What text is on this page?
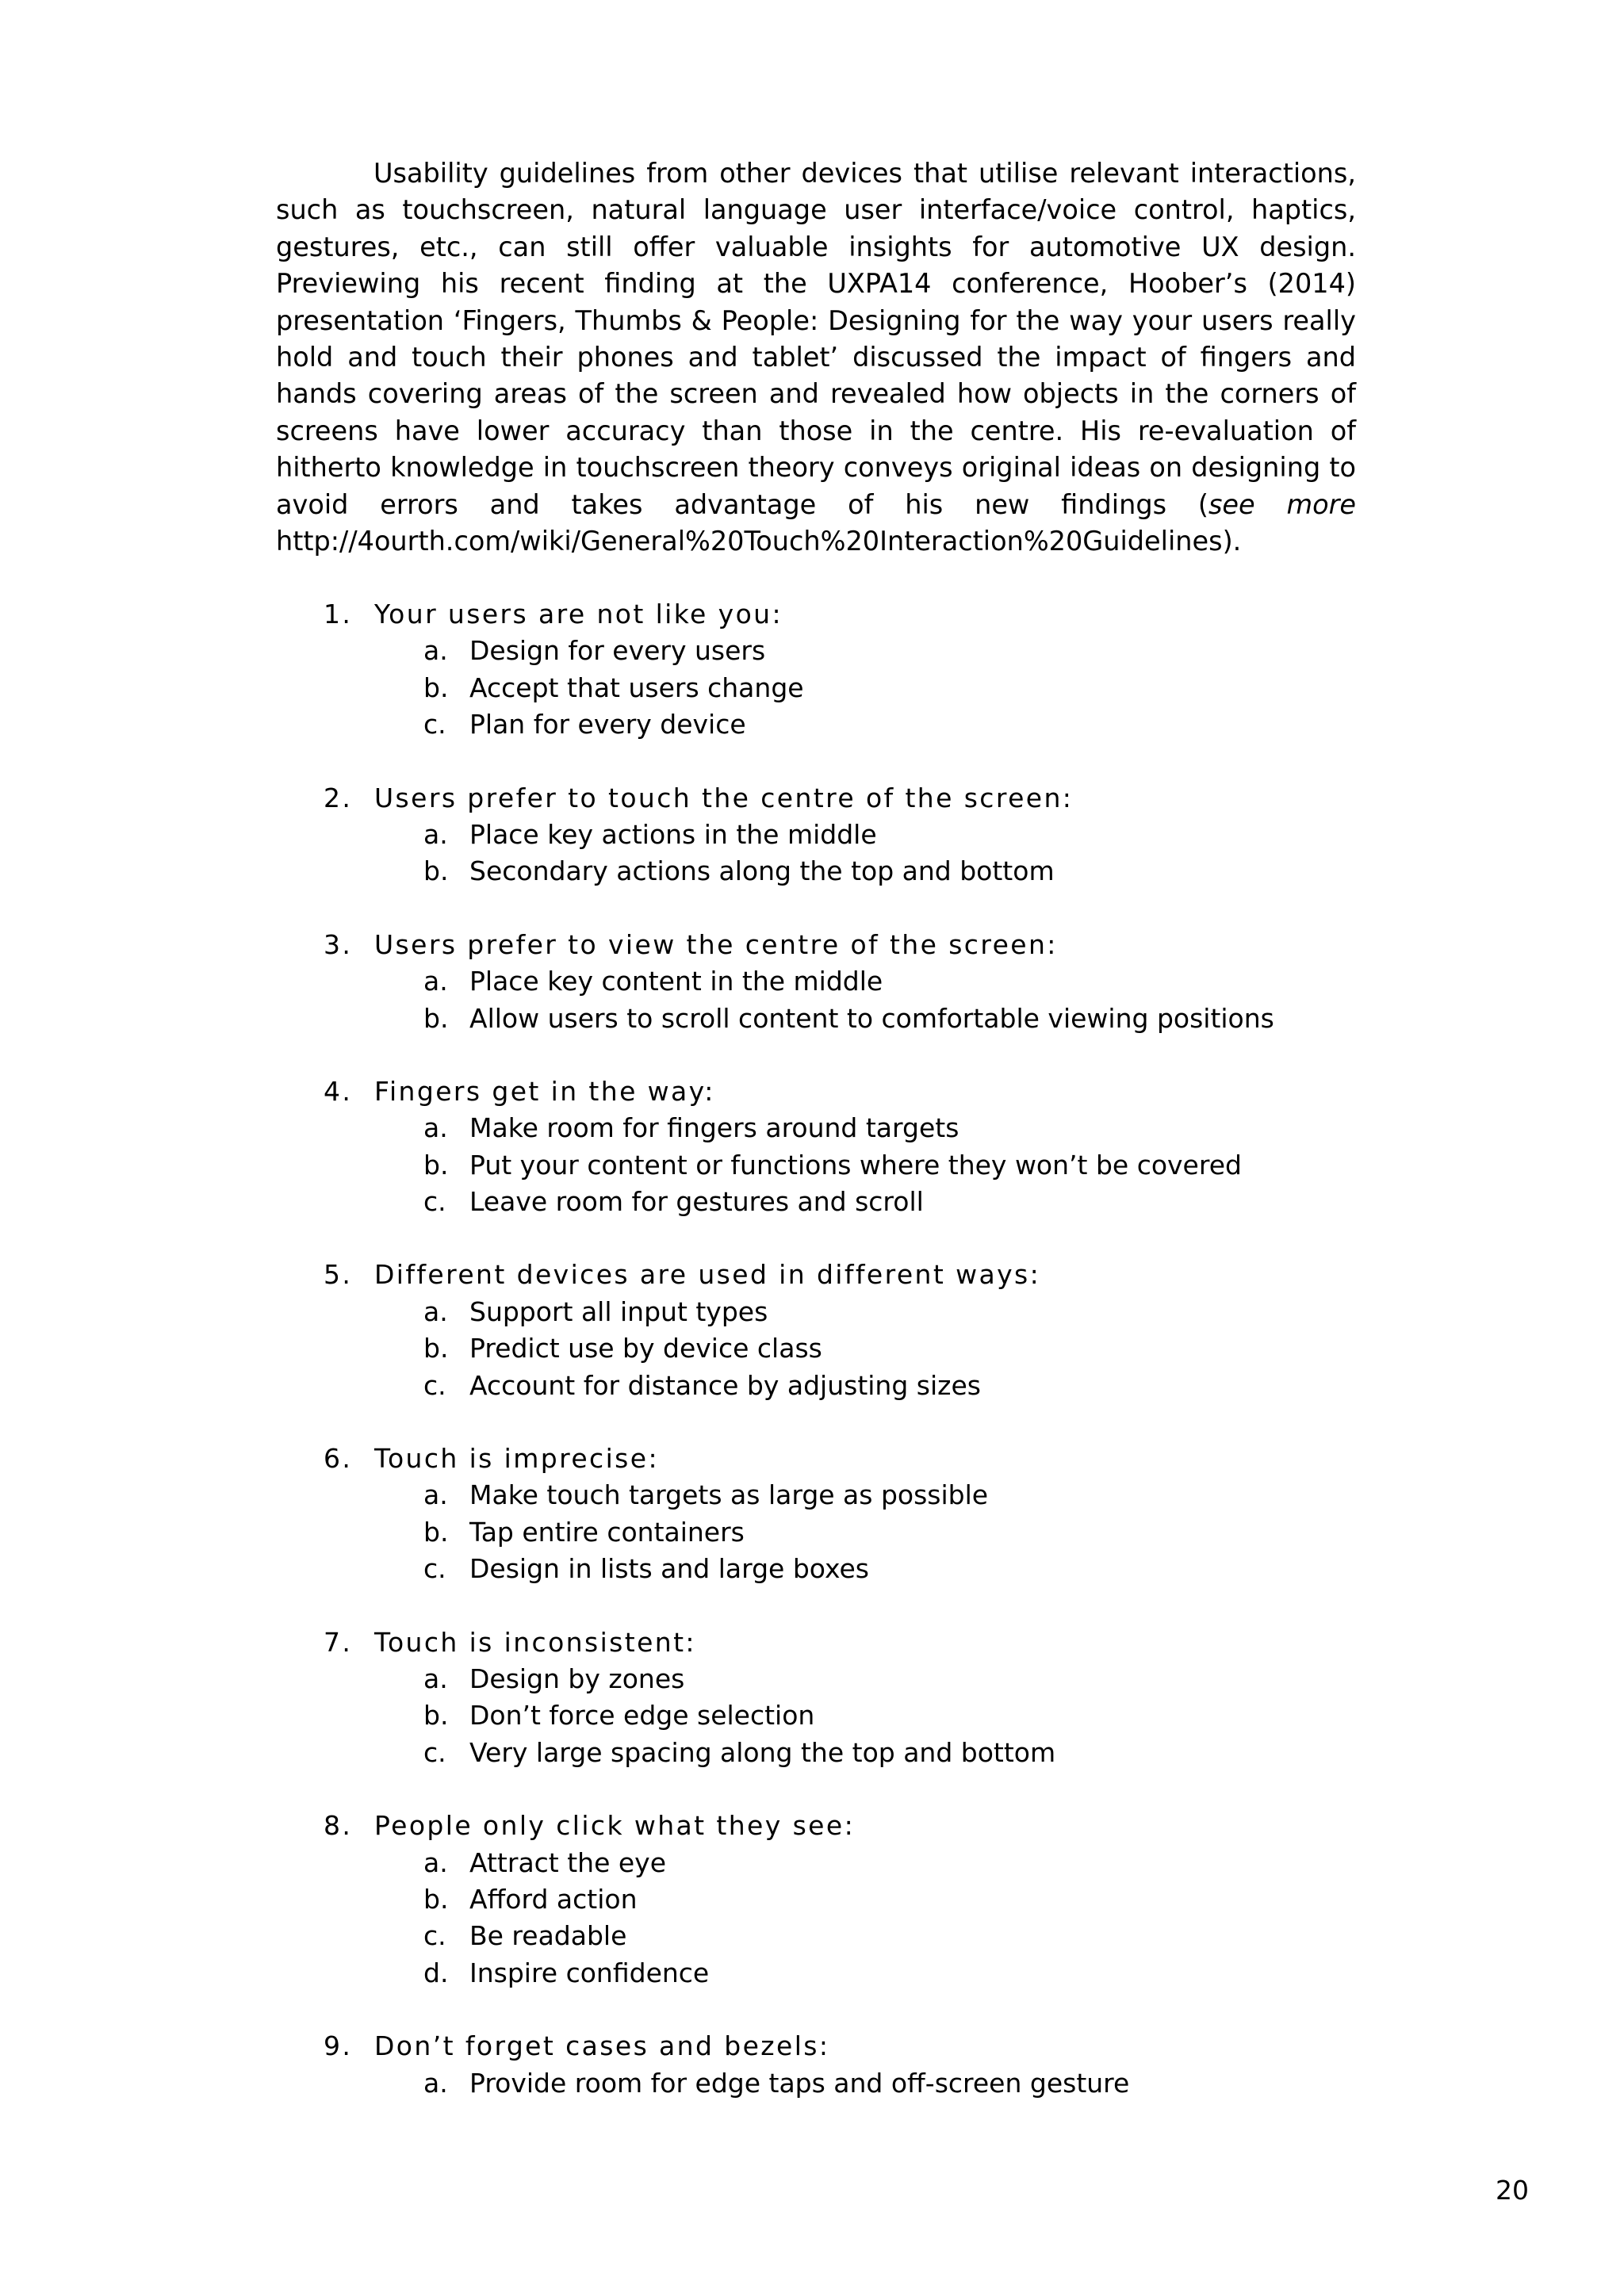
Usability guidelines from other devices that utilise relevant interactions, such as touchscreen, natural language user interface/voice control, haptics, gestures, etc., can still offer valuable insights for automotive UX design. Previewing his recent finding at the UXPA14 conference, Hoober’s (2014) presentation ‘Fingers, Thumbs & People: Designing for the way your users really hold and touch their phones and tablet’ discussed the impact of fingers and hands covering areas of the screen and revealed how objects in the corners of screens have lower accuracy than those in the centre. His re-evaluation of hitherto knowledge in touchscreen theory conveys original ideas on designing to avoid errors and takes advantage of his new findings (see more http://4ourth.com/wiki/General%20Touch%20Interaction%20Guidelines).

1. Your users are not like you:
a. Design for every users
b. Accept that users change
c. Plan for every device
2. Users prefer to touch the centre of the screen:
a. Place key actions in the middle
b. Secondary actions along the top and bottom
3. Users prefer to view the centre of the screen:
a. Place key content in the middle
b. Allow users to scroll content to comfortable viewing positions
4. Fingers get in the way:
a. Make room for fingers around targets
b. Put your content or functions where they won’t be covered
c. Leave room for gestures and scroll
5. Different devices are used in different ways:
a. Support all input types
b. Predict use by device class
c. Account for distance by adjusting sizes
6. Touch is imprecise:
a. Make touch targets as large as possible
b. Tap entire containers
c. Design in lists and large boxes
7. Touch is inconsistent:
a. Design by zones
b. Don’t force edge selection
c. Very large spacing along the top and bottom
8. People only click what they see:
a. Attract the eye
b. Afford action
c. Be readable
d. Inspire confidence
9. Don’t forget cases and bezels:
a. Provide room for edge taps and off-screen gesture
20
